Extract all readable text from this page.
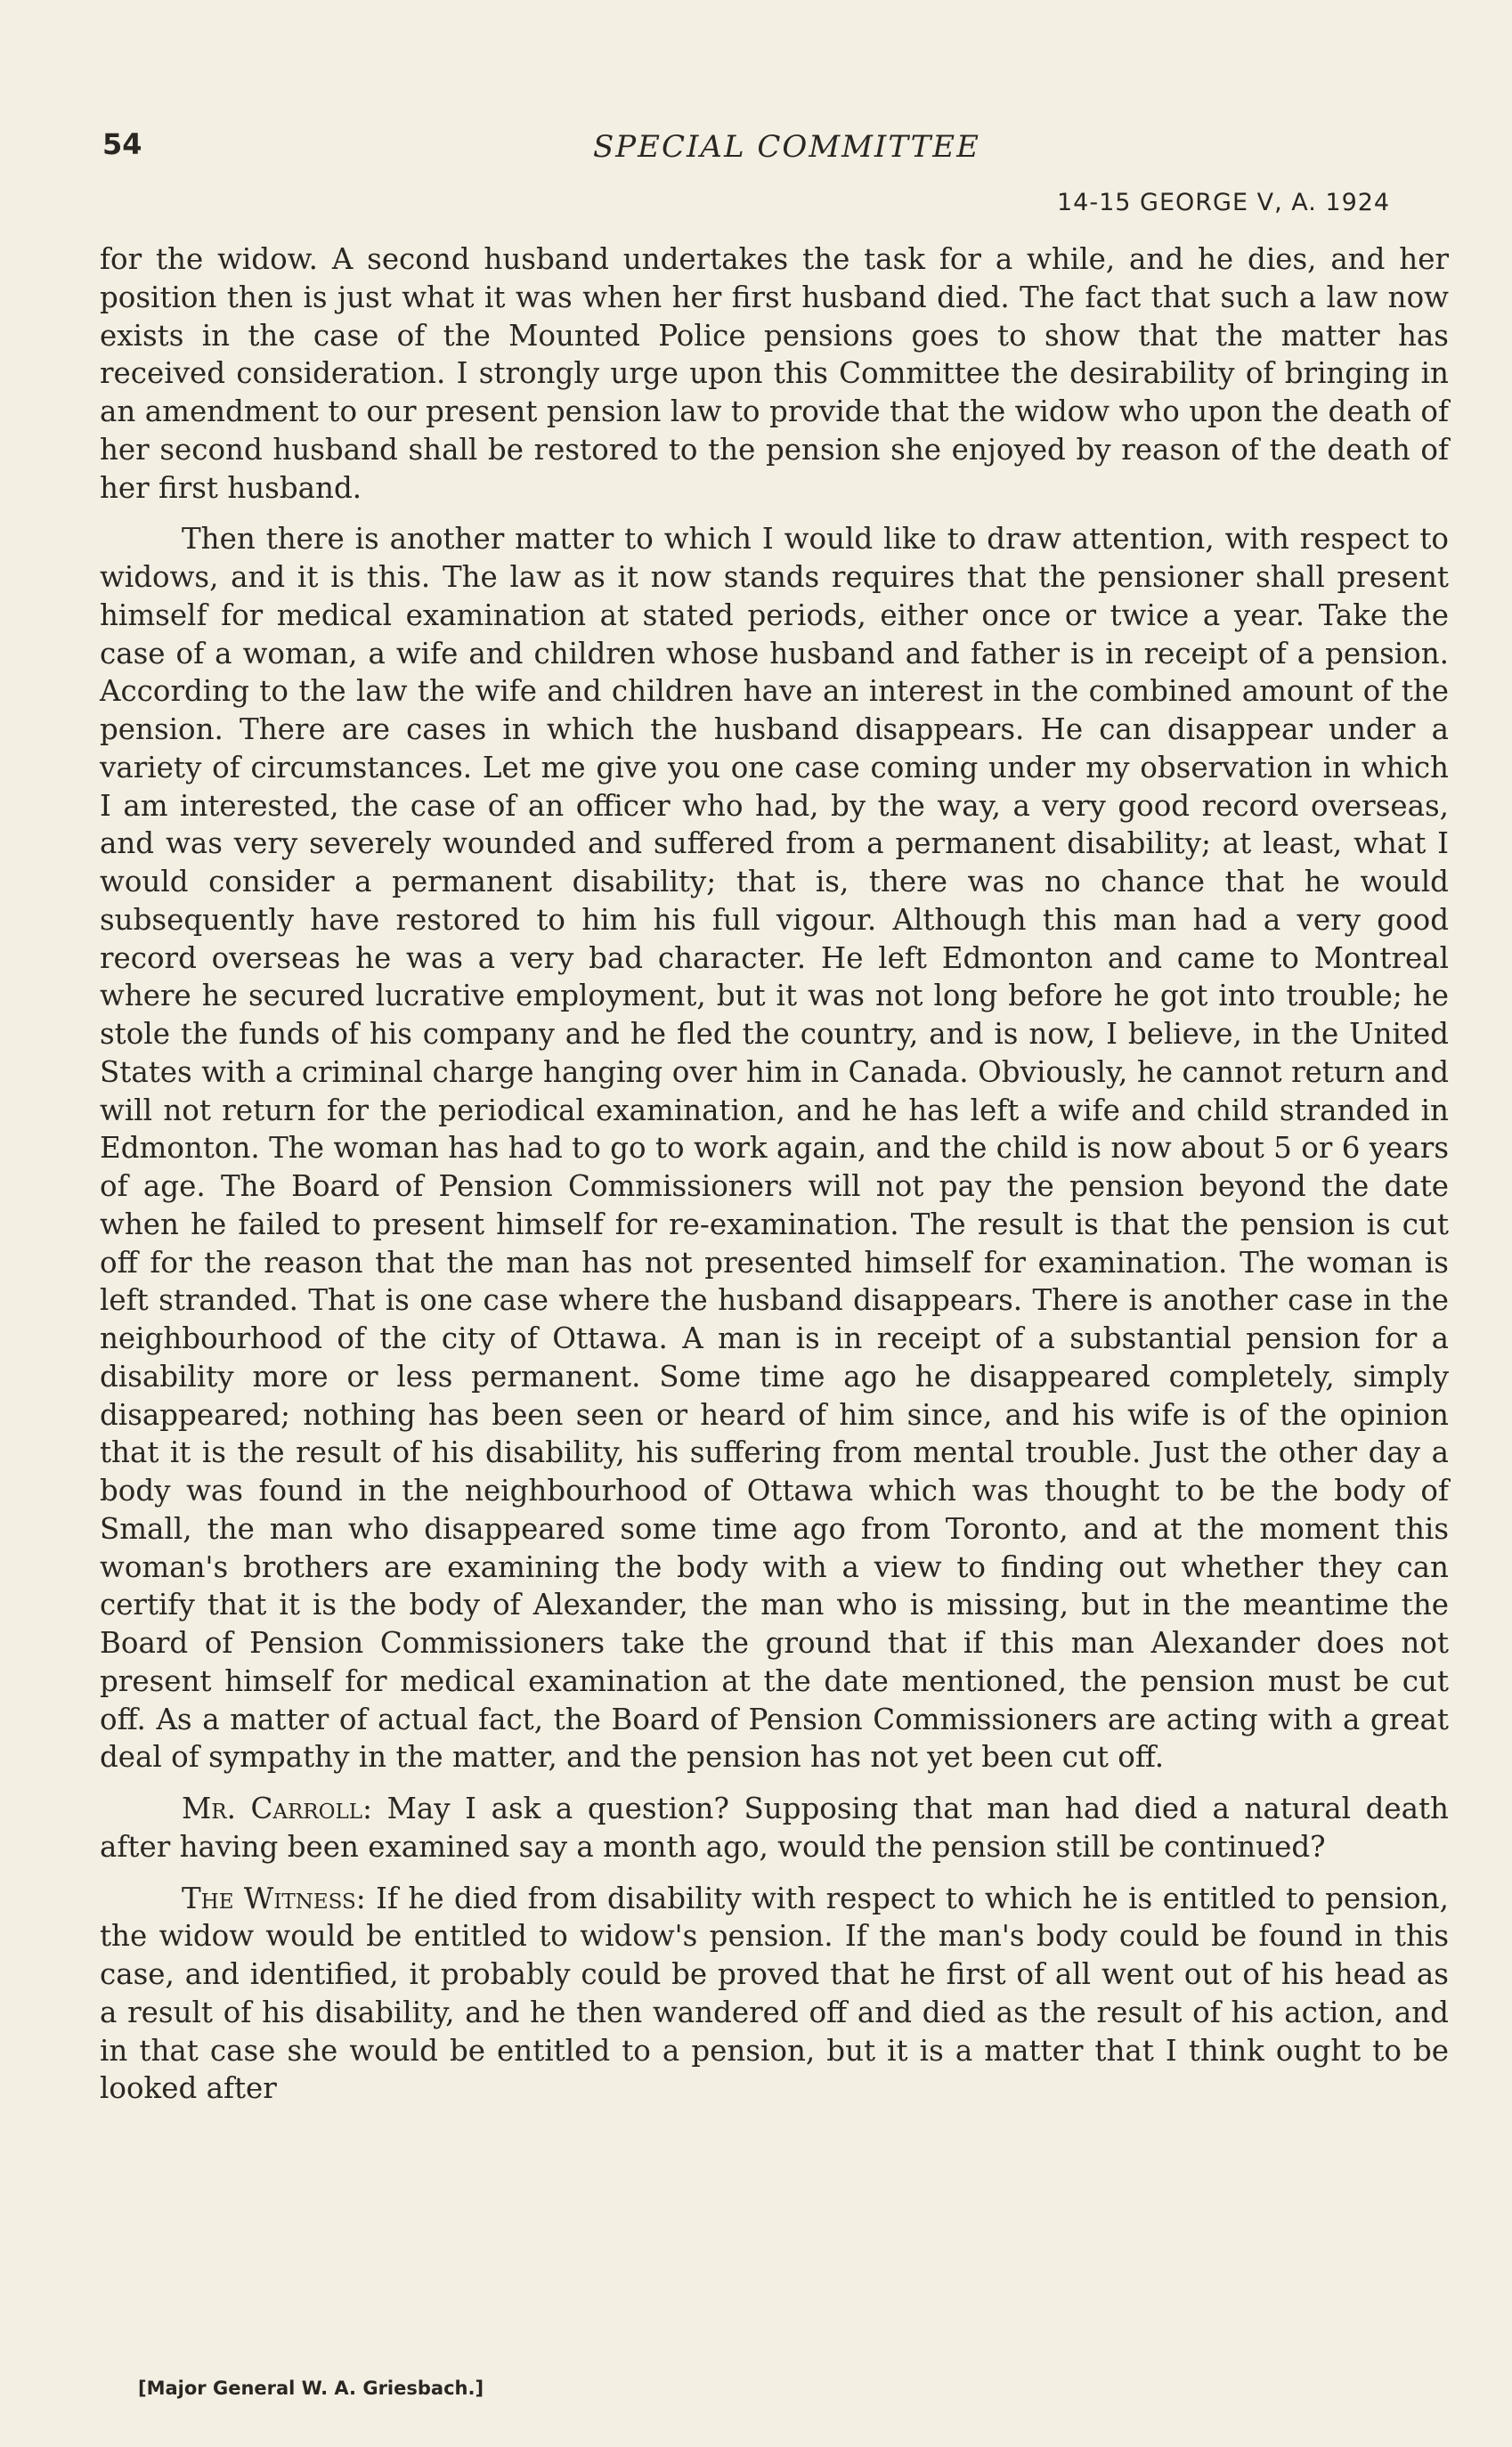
54	SPECIAL COMMITTEE
14-15 GEORGE V, A. 1924

for the widow. A second husband undertakes the task for a while, and he dies, and her position then is just what it was when her first husband died. The fact that such a law now exists in the case of the Mounted Police pensions goes to show that the matter has received consideration. I strongly urge upon this Committee the desirability of bringing in an amendment to our present pension law to provide that the widow who upon the death of her second husband shall be restored to the pension she enjoyed by reason of the death of her first husband.

Then there is another matter to which I would like to draw attention, with respect to widows, and it is this. The law as it now stands requires that the pensioner shall present himself for medical examination at stated periods, either once or twice a year. Take the case of a woman, a wife and children whose husband and father is in receipt of a pension. According to the law the wife and children have an interest in the combined amount of the pension. There are cases in which the husband disappears. He can disappear under a variety of circumstances. Let me give you one case coming under my observation in which I am interested, the case of an officer who had, by the way, a very good record overseas, and was very severely wounded and suffered from a permanent disability; at least, what I would consider a permanent disability; that is, there was no chance that he would subsequently have restored to him his full vigour. Although this man had a very good record overseas he was a very bad character. He left Edmonton and came to Montreal where he secured lucrative employment, but it was not long before he got into trouble; he stole the funds of his company and he fled the country, and is now, I believe, in the United States with a criminal charge hanging over him in Canada. Obviously, he cannot return and will not return for the periodical examination, and he has left a wife and child stranded in Edmonton. The woman has had to go to work again, and the child is now about 5 or 6 years of age. The Board of Pension Commissioners will not pay the pension beyond the date when he failed to present himself for re-examination. The result is that the pension is cut off for the reason that the man has not presented himself for examination. The woman is left stranded. That is one case where the husband disappears. There is another case in the neighbourhood of the city of Ottawa. A man is in receipt of a substantial pension for a disability more or less permanent. Some time ago he disappeared completely, simply disappeared; nothing has been seen or heard of him since, and his wife is of the opinion that it is the result of his disability, his suffering from mental trouble. Just the other day a body was found in the neighbourhood of Ottawa which was thought to be the body of Small, the man who disappeared some time ago from Toronto, and at the moment this woman's brothers are examining the body with a view to finding out whether they can certify that it is the body of Alexander, the man who is missing, but in the meantime the Board of Pension Commissioners take the ground that if this man Alexander does not present himself for medical examination at the date mentioned, the pension must be cut off. As a matter of actual fact, the Board of Pension Commissioners are acting with a great deal of sympathy in the matter, and the pension has not yet been cut off.

Mr. Carroll: May I ask a question? Supposing that man had died a natural death after having been examined say a month ago, would the pension still be continued?

The Witness: If he died from disability with respect to which he is entitled to pension, the widow would be entitled to widow's pension. If the man's body could be found in this case, and identified, it probably could be proved that he first of all went out of his head as a result of his disability, and he then wandered off and died as the result of his action, and in that case she would be entitled to a pension, but it is a matter that I think ought to be looked after

[Major General W. A. Griesbach.]
